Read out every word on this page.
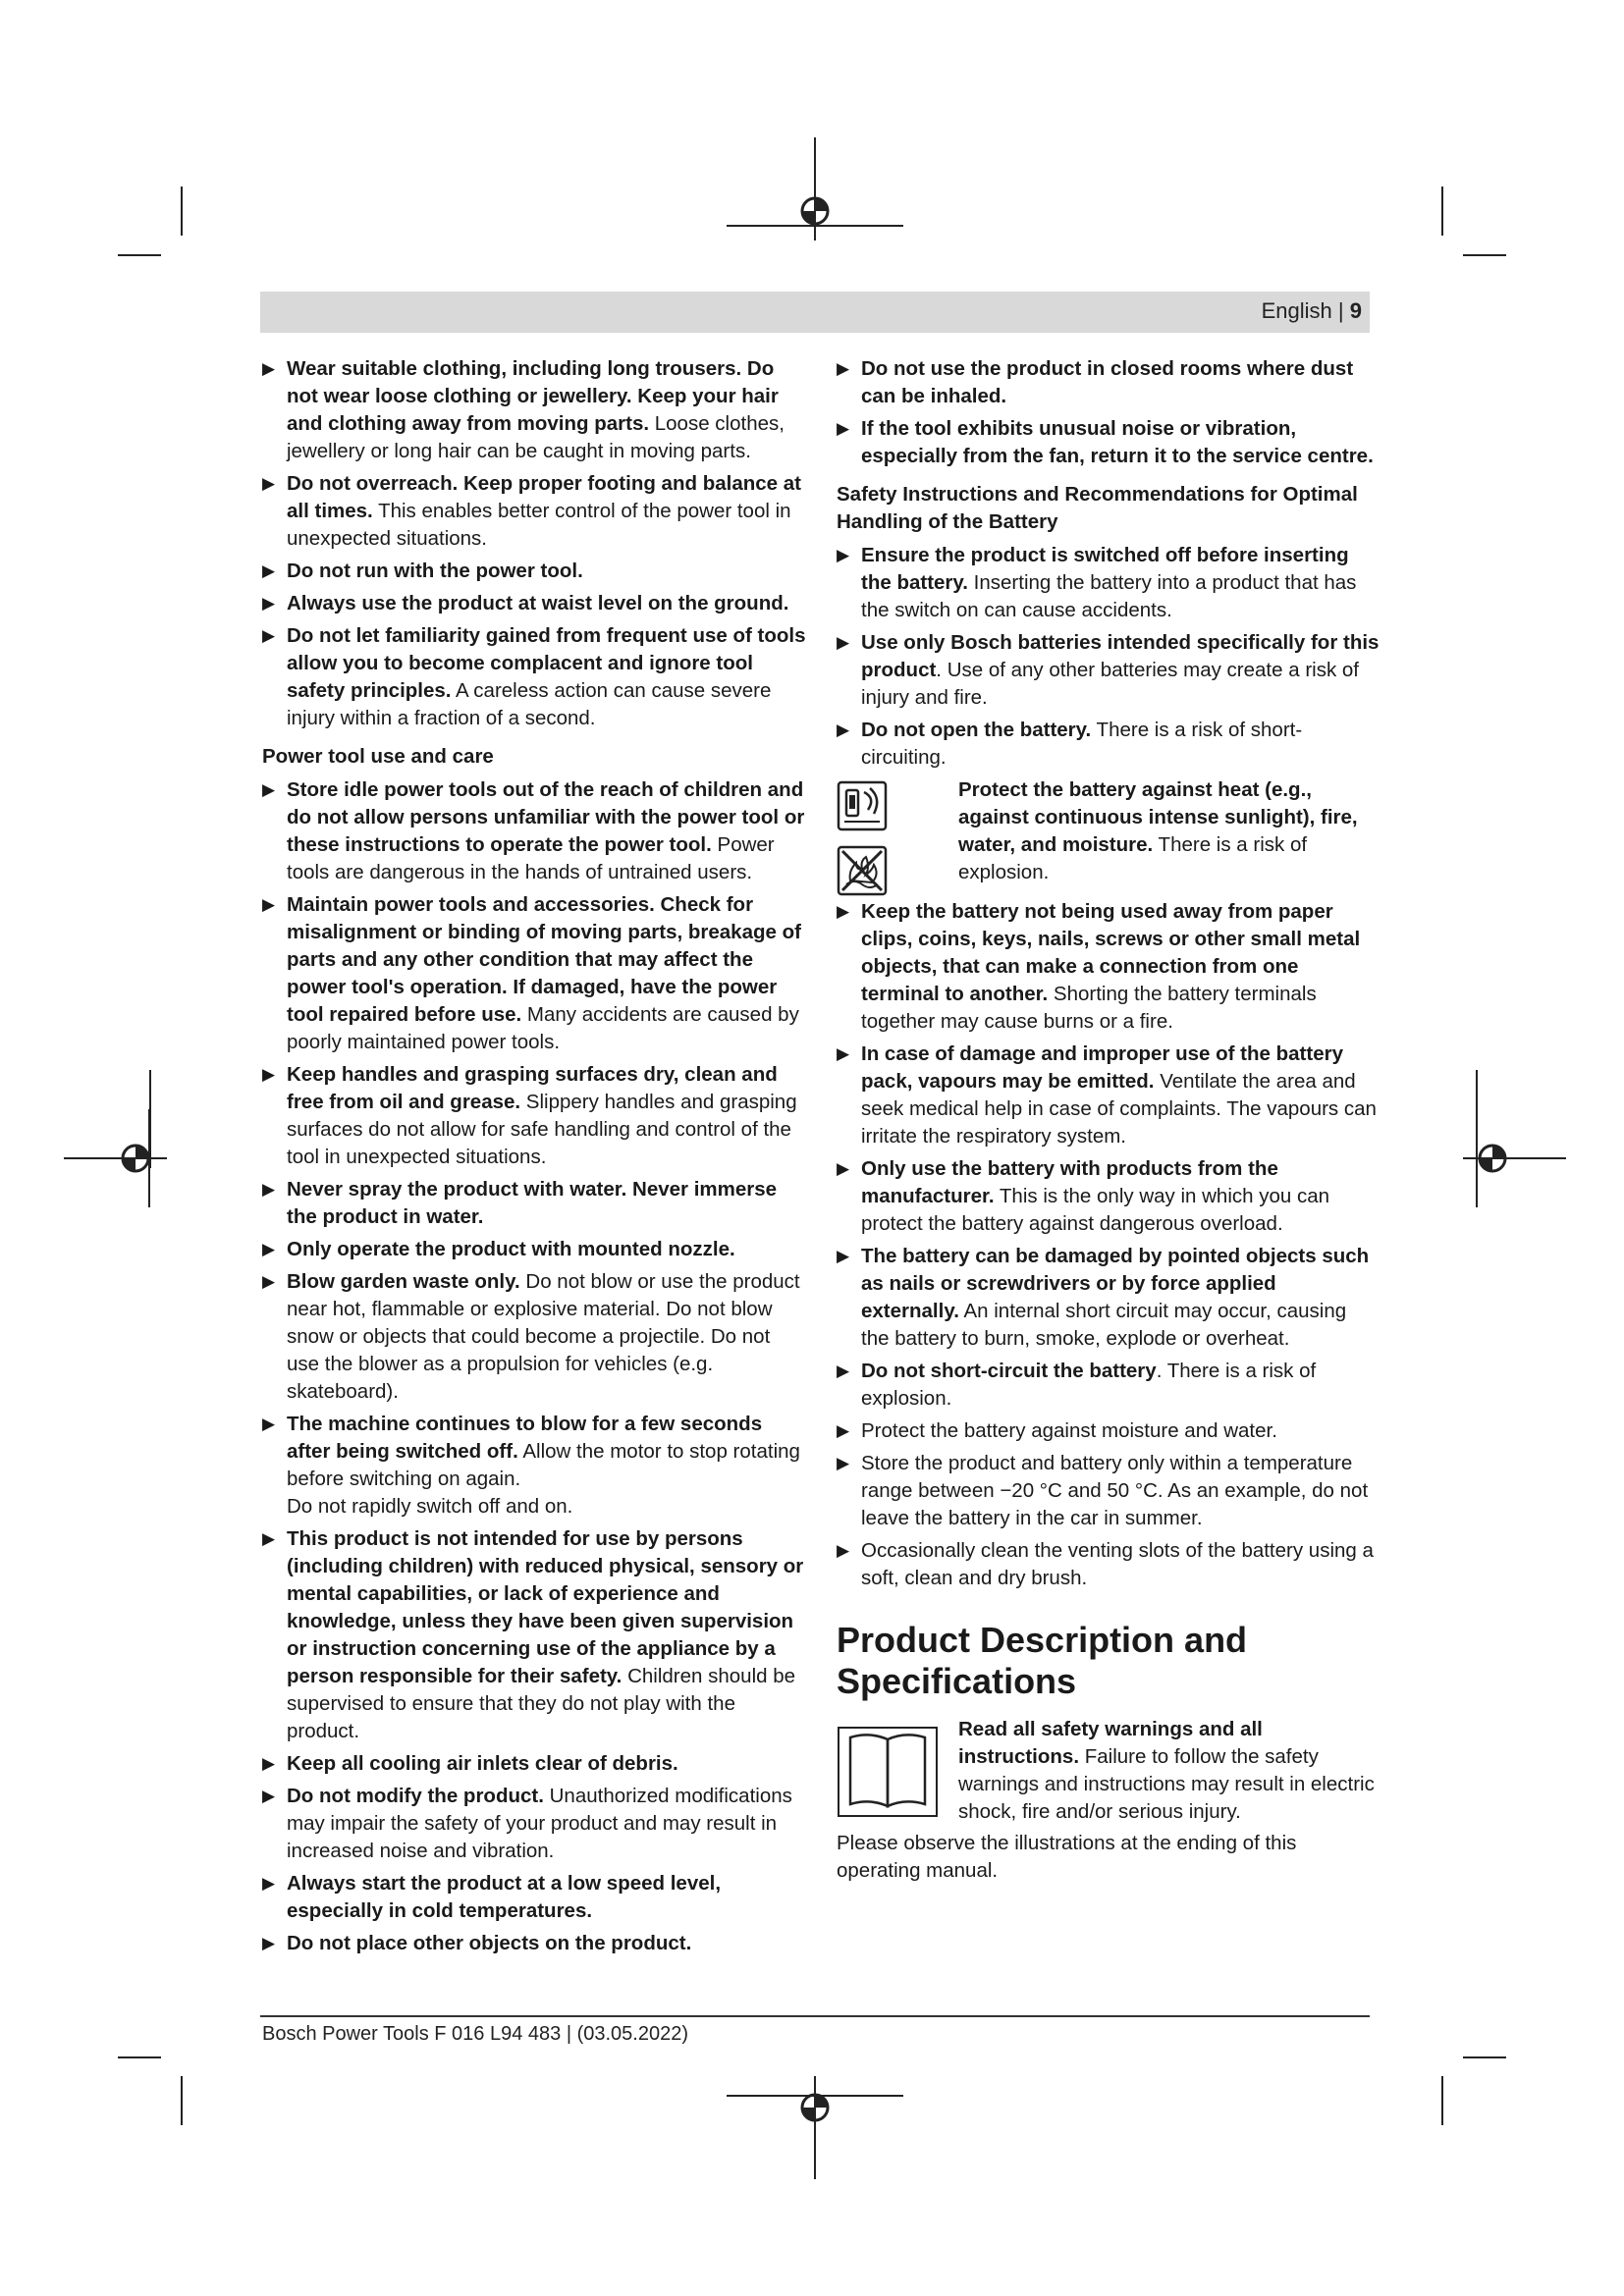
English | 9
▶ Wear suitable clothing, including long trousers. Do not wear loose clothing or jewellery. Keep your hair and clothing away from moving parts. Loose clothes, jewellery or long hair can be caught in moving parts.
▶ Do not overreach. Keep proper footing and balance at all times. This enables better control of the power tool in unexpected situations.
▶ Do not run with the power tool.
▶ Always use the product at waist level on the ground.
▶ Do not let familiarity gained from frequent use of tools allow you to become complacent and ignore tool safety principles. A careless action can cause severe injury within a fraction of a second.
Power tool use and care
▶ Store idle power tools out of the reach of children and do not allow persons unfamiliar with the power tool or these instructions to operate the power tool. Power tools are dangerous in the hands of untrained users.
▶ Maintain power tools and accessories. Check for misalignment or binding of moving parts, breakage of parts and any other condition that may affect the power tool's operation. If damaged, have the power tool repaired before use. Many accidents are caused by poorly maintained power tools.
▶ Keep handles and grasping surfaces dry, clean and free from oil and grease. Slippery handles and grasping surfaces do not allow for safe handling and control of the tool in unexpected situations.
▶ Never spray the product with water. Never immerse the product in water.
▶ Only operate the product with mounted nozzle.
▶ Blow garden waste only. Do not blow or use the product near hot, flammable or explosive material. Do not blow snow or objects that could become a projectile. Do not use the blower as a propulsion for vehicles (e.g. skateboard).
▶ The machine continues to blow for a few seconds after being switched off. Allow the motor to stop rotating before switching on again.
Do not rapidly switch off and on.
▶ This product is not intended for use by persons (including children) with reduced physical, sensory or mental capabilities, or lack of experience and knowledge, unless they have been given supervision or instruction concerning use of the appliance by a person responsible for their safety. Children should be supervised to ensure that they do not play with the product.
▶ Keep all cooling air inlets clear of debris.
▶ Do not modify the product. Unauthorized modifications may impair the safety of your product and may result in increased noise and vibration.
▶ Always start the product at a low speed level, especially in cold temperatures.
▶ Do not place other objects on the product.
▶ Do not use the product in closed rooms where dust can be inhaled.
▶ If the tool exhibits unusual noise or vibration, especially from the fan, return it to the service centre.
Safety Instructions and Recommendations for Optimal Handling of the Battery
▶ Ensure the product is switched off before inserting the battery. Inserting the battery into a product that has the switch on can cause accidents.
▶ Use only Bosch batteries intended specifically for this product. Use of any other batteries may create a risk of injury and fire.
▶ Do not open the battery. There is a risk of short-circuiting.
Protect the battery against heat (e.g., against continuous intense sunlight), fire, water, and moisture. There is a risk of explosion.
▶ Keep the battery not being used away from paper clips, coins, keys, nails, screws or other small metal objects, that can make a connection from one terminal to another. Shorting the battery terminals together may cause burns or a fire.
▶ In case of damage and improper use of the battery pack, vapours may be emitted. Ventilate the area and seek medical help in case of complaints. The vapours can irritate the respiratory system.
▶ Only use the battery with products from the manufacturer. This is the only way in which you can protect the battery against dangerous overload.
▶ The battery can be damaged by pointed objects such as nails or screwdrivers or by force applied externally. An internal short circuit may occur, causing the battery to burn, smoke, explode or overheat.
▶ Do not short-circuit the battery. There is a risk of explosion.
▶ Protect the battery against moisture and water.
▶ Store the product and battery only within a temperature range between −20 °C and 50 °C. As an example, do not leave the battery in the car in summer.
▶ Occasionally clean the venting slots of the battery using a soft, clean and dry brush.
Product Description and Specifications
Read all safety warnings and all instructions. Failure to follow the safety warnings and instructions may result in electric shock, fire and/or serious injury.
Please observe the illustrations at the ending of this operating manual.
Bosch Power Tools F 016 L94 483 | (03.05.2022)
